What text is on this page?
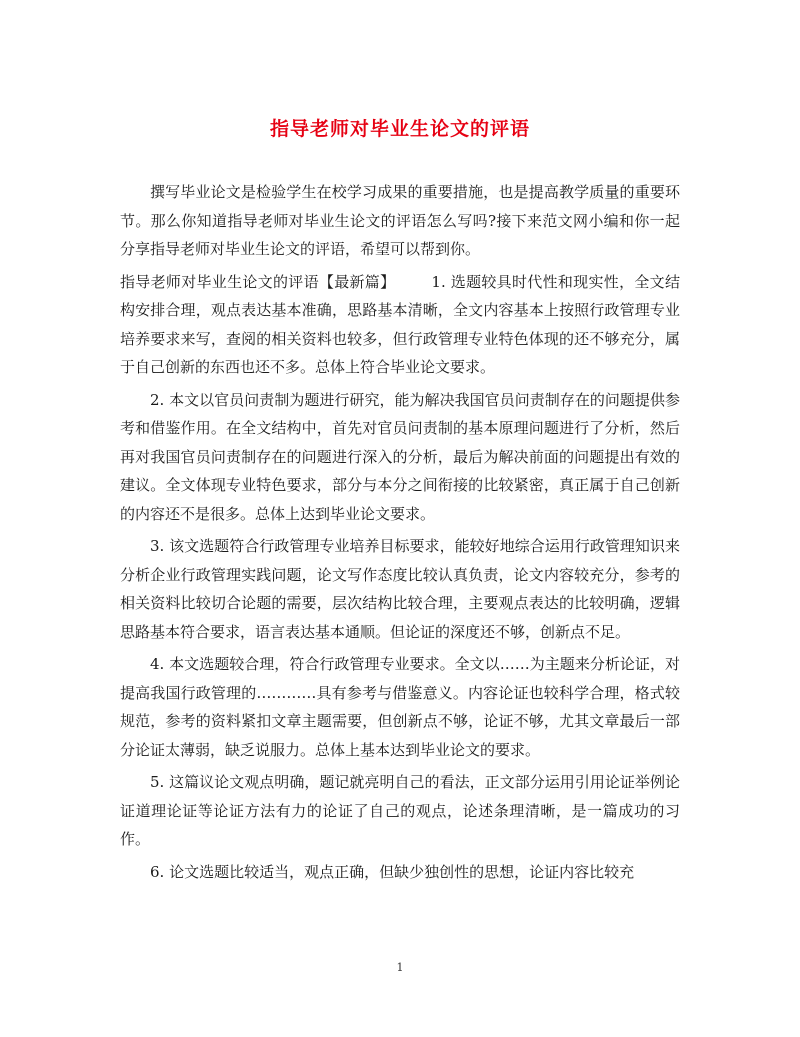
指导老师对毕业生论文的评语

撰写毕业论文是检验学生在校学习成果的重要措施，也是提高教学质量的重要环节。那么你知道指导老师对毕业生论文的评语怎么写吗?接下来范文网小编和你一起分享指导老师对毕业生论文的评语，希望可以帮到你。

指导老师对毕业生论文的评语【最新篇】 1. 选题较具时代性和现实性，全文结构安排合理，观点表达基本准确，思路基本清晰，全文内容基本上按照行政管理专业培养要求来写，查阅的相关资料也较多，但行政管理专业特色体现的还不够充分，属于自己创新的东西也还不多。总体上符合毕业论文要求。

2. 本文以官员问责制为题进行研究，能为解决我国官员问责制存在的问题提供参考和借鉴作用。在全文结构中，首先对官员问责制的基本原理问题进行了分析，然后再对我国官员问责制存在的问题进行深入的分析，最后为解决前面的问题提出有效的建议。全文体现专业特色要求，部分与本分之间衔接的比较紧密，真正属于自己创新的内容还不是很多。总体上达到毕业论文要求。

3. 该文选题符合行政管理专业培养目标要求，能较好地综合运用行政管理知识来分析企业行政管理实践问题，论文写作态度比较认真负责，论文内容较充分，参考的相关资料比较切合论题的需要，层次结构比较合理，主要观点表达的比较明确，逻辑思路基本符合要求，语言表达基本通顺。但论证的深度还不够，创新点不足。

4. 本文选题较合理，符合行政管理专业要求。全文以……为主题来分析论证，对提高我国行政管理的…………具有参考与借鉴意义。内容论证也较科学合理，格式较规范，参考的资料紧扣文章主题需要，但创新点不够，论证不够，尤其文章最后一部分论证太薄弱，缺乏说服力。总体上基本达到毕业论文的要求。

5. 这篇议论文观点明确，题记就亮明自己的看法，正文部分运用引用论证举例论证道理论证等论证方法有力的论证了自己的观点，论述条理清晰，是一篇成功的习作。

6. 论文选题比较适当，观点正确，但缺少独创性的思想，论证内容比较充

1
